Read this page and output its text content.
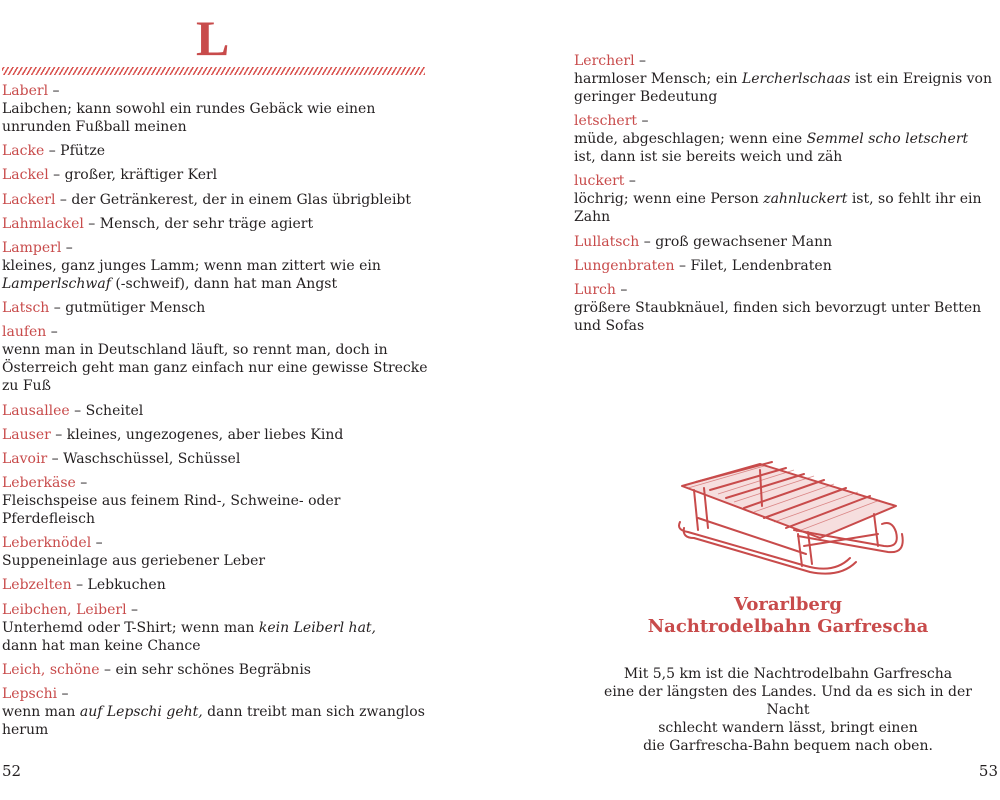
L

Laberl –
Laibchen; kann sowohl ein rundes Gebäck wie einen unrunden Fußball meinen

Lacke – Pfütze

Lackel – großer, kräftiger Kerl

Lackerl – der Getränkerest, der in einem Glas übrigbleibt

Lahmlackel – Mensch, der sehr träge agiert

Lamperl –
kleines, ganz junges Lamm; wenn man zittert wie ein Lamperlschwaf (-schweif), dann hat man Angst

Latsch – gutmütiger Mensch

laufen –
wenn man in Deutschland läuft, so rennt man, doch in Österreich geht man ganz einfach nur eine gewisse Strecke zu Fuß

Lausallee – Scheitel

Lauser – kleines, ungezogenes, aber liebes Kind

Lavoir – Waschschüssel, Schüssel

Leberkäse –
Fleischspeise aus feinem Rind-, Schweine- oder Pferdefleisch

Leberknödel –
Suppeneinlage aus geriebener Leber

Lebzelten – Lebkuchen

Leibchen, Leiberl –
Unterhemd oder T-Shirt; wenn man kein Leiberl hat,
dann hat man keine Chance

Leich, schöne – ein sehr schönes Begräbnis

Lepschi –
wenn man auf Lepschi geht, dann treibt man sich zwanglos herum

52

Lercherl –
harmloser Mensch; ein Lercherlschaas ist ein Ereignis von geringer Bedeutung

letschert –
müde, abgeschlagen; wenn eine Semmel scho letschert ist, dann ist sie bereits weich und zäh

luckert –
löchrig; wenn eine Person zahnluckert ist, so fehlt ihr ein Zahn

Lullatsch – groß gewachsener Mann

Lungenbraten – Filet, Lendenbraten

Lurch –
größere Staubknäuel, finden sich bevorzugt unter Betten und Sofas

Vorarlberg
Nachtrodelbahn Garfrescha
Mit 5,5 km ist die Nachtrodelbahn Garfrescha
eine der längsten des Landes. Und da es sich in der Nacht
schlecht wandern lässt, bringt einen
die Garfrescha-Bahn bequem nach oben.
53
